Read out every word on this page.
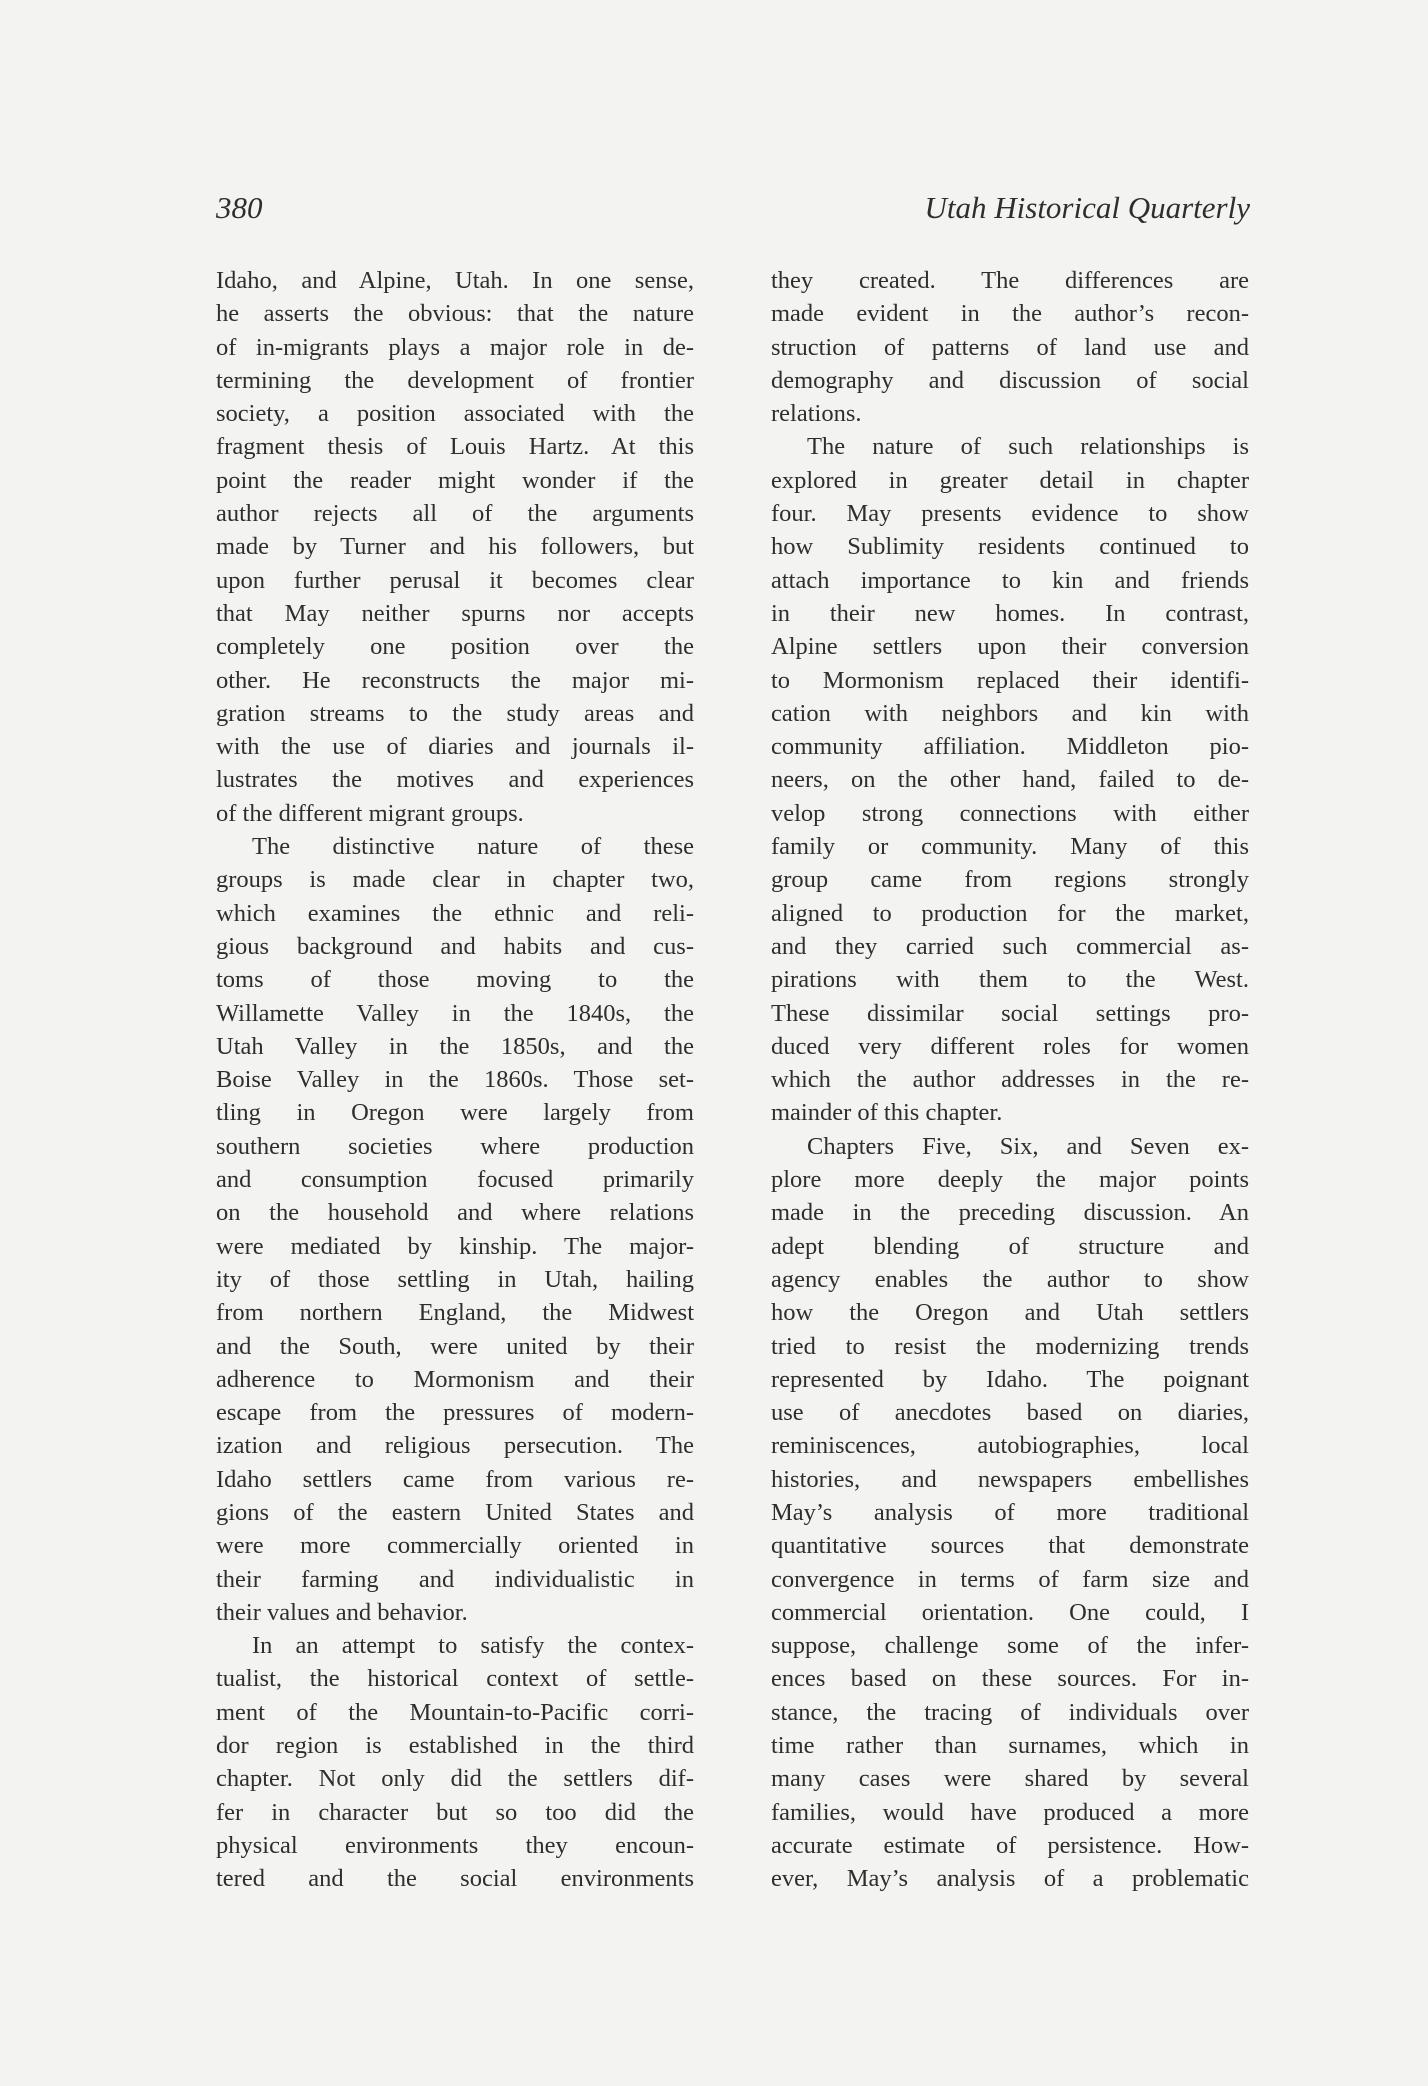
380	Utah Historical Quarterly
Idaho, and Alpine, Utah. In one sense,
he asserts the obvious: that the nature
of in-migrants plays a major role in de-
termining the development of frontier
society, a position associated with the
fragment thesis of Louis Hartz. At this
point the reader might wonder if the
author rejects all of the arguments
made by Turner and his followers, but
upon further perusal it becomes clear
that May neither spurns nor accepts
completely one position over the
other. He reconstructs the major mi-
gration streams to the study areas and
with the use of diaries and journals il-
lustrates the motives and experiences
of the different migrant groups.
The distinctive nature of these
groups is made clear in chapter two,
which examines the ethnic and reli-
gious background and habits and cus-
toms of those moving to the
Willamette Valley in the 1840s, the
Utah Valley in the 1850s, and the
Boise Valley in the 1860s. Those set-
tling in Oregon were largely from
southern societies where production
and consumption focused primarily
on the household and where relations
were mediated by kinship. The major-
ity of those settling in Utah, hailing
from northern England, the Midwest
and the South, were united by their
adherence to Mormonism and their
escape from the pressures of modern-
ization and religious persecution. The
Idaho settlers came from various re-
gions of the eastern United States and
were more commercially oriented in
their farming and individualistic in
their values and behavior.
In an attempt to satisfy the contex-
tualist, the historical context of settle-
ment of the Mountain-to-Pacific corri-
dor region is established in the third
chapter. Not only did the settlers dif-
fer in character but so too did the
physical environments they encoun-
tered and the social environments
they created. The differences are
made evident in the author’s recon-
struction of patterns of land use and
demography and discussion of social
relations.
The nature of such relationships is
explored in greater detail in chapter
four. May presents evidence to show
how Sublimity residents continued to
attach importance to kin and friends
in their new homes. In contrast,
Alpine settlers upon their conversion
to Mormonism replaced their identifi-
cation with neighbors and kin with
community affiliation. Middleton pio-
neers, on the other hand, failed to de-
velop strong connections with either
family or community. Many of this
group came from regions strongly
aligned to production for the market,
and they carried such commercial as-
pirations with them to the West.
These dissimilar social settings pro-
duced very different roles for women
which the author addresses in the re-
mainder of this chapter.
Chapters Five, Six, and Seven ex-
plore more deeply the major points
made in the preceding discussion. An
adept blending of structure and
agency enables the author to show
how the Oregon and Utah settlers
tried to resist the modernizing trends
represented by Idaho. The poignant
use of anecdotes based on diaries,
reminiscences, autobiographies, local
histories, and newspapers embellishes
May’s analysis of more traditional
quantitative sources that demonstrate
convergence in terms of farm size and
commercial orientation. One could, I
suppose, challenge some of the infer-
ences based on these sources. For in-
stance, the tracing of individuals over
time rather than surnames, which in
many cases were shared by several
families, would have produced a more
accurate estimate of persistence. How-
ever, May’s analysis of a problematic
